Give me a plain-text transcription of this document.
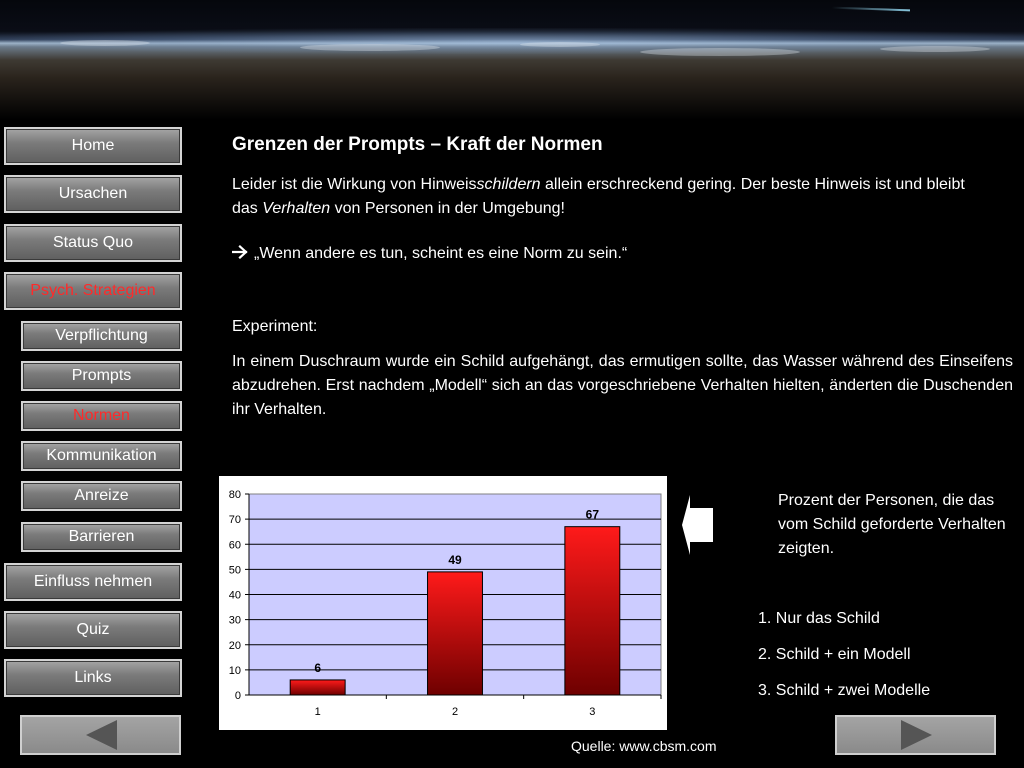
Home
Ursachen
Status Quo
Psych. Strategien
Verpflichtung
Prompts
Normen
Kommunikation
Anreize
Barrieren
Einfluss nehmen
Quiz
Links
Grenzen der Prompts – Kraft der Normen
Leider ist die Wirkung von Hinweisschildern allein erschreckend gering. Der beste Hinweis ist und bleibt das Verhalten von Personen in der Umgebung!
„Wenn andere es tun, scheint es eine Norm zu sein.“
Experiment:
In einem Duschraum wurde ein Schild aufgehängt, das ermutigen sollte, das Wasser während des Einseifens abzudrehen. Erst nachdem „Modell“ sich an das vorgeschriebene Verhalten hielten, änderten die Duschenden ihr Verhalten.
0
10
20
30
40
50
60
70
80
6
1
49
2
67
3
Prozent der Personen, die das vom Schild geforderte Verhalten zeigten.
1. Nur das Schild
2. Schild + ein Modell
3. Schild + zwei Modelle
Quelle: www.cbsm.com
